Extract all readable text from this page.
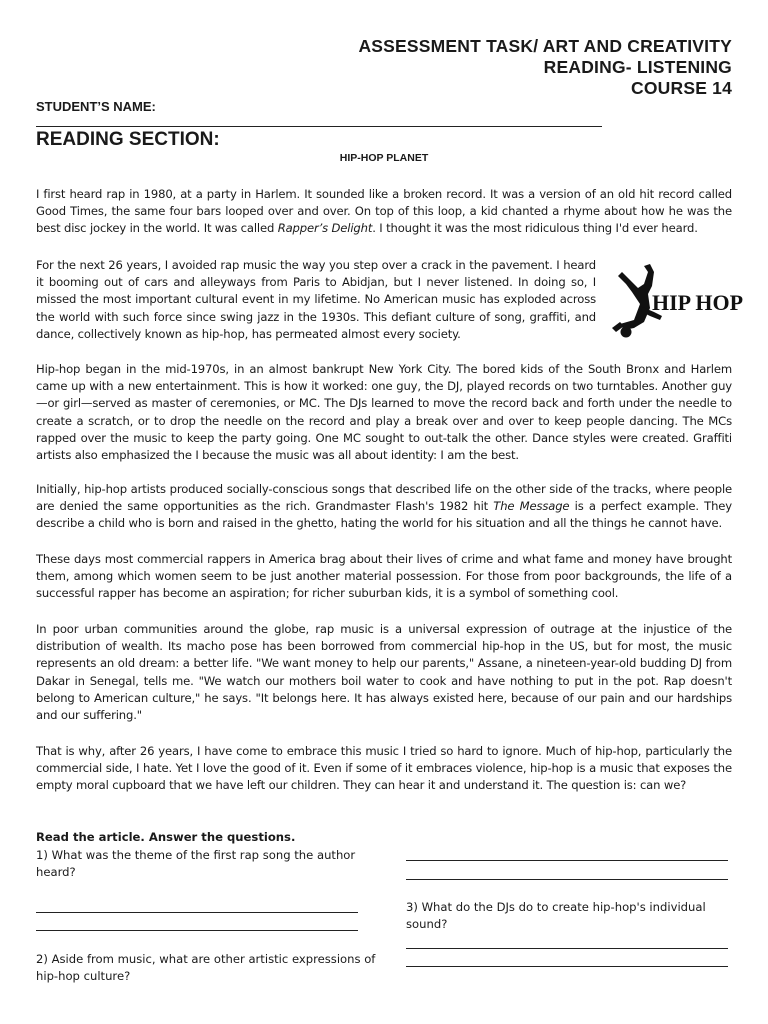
ASSESSMENT TASK/ ART AND CREATIVITY
READING- LISTENING
COURSE 14
STUDENT’S NAME:
READING SECTION:
HIP-HOP PLANET
I first heard rap in 1980, at a party in Harlem. It sounded like a broken record. It was a version of an old hit record called Good Times, the same four bars looped over and over. On top of this loop, a kid chanted a rhyme about how he was the best disc jockey in the world. It was called Rapper’s Delight. I thought it was the most ridiculous thing I'd ever heard.
For the next 26 years, I avoided rap music the way you step over a crack in the pavement. I heard it booming out of cars and alleyways from Paris to Abidjan, but I never listened. In doing so, I missed the most important cultural event in my lifetime. No American music has exploded across the world with such force since swing jazz in the 1930s. This defiant culture of song, graffiti, and dance, collectively known as hip-hop, has permeated almost every society.
HIP HOP
Hip-hop began in the mid-1970s, in an almost bankrupt New York City. The bored kids of the South Bronx and Harlem came up with a new entertainment. This is how it worked: one guy, the DJ, played records on two turntables. Another guy—or girl—served as master of ceremonies, or MC. The DJs learned to move the record back and forth under the needle to create a scratch, or to drop the needle on the record and play a break over and over to keep people dancing. The MCs rapped over the music to keep the party going. One MC sought to out-talk the other. Dance styles were created. Graffiti artists also emphasized the I because the music was all about identity: I am the best.
Initially, hip-hop artists produced socially-conscious songs that described life on the other side of the tracks, where people are denied the same opportunities as the rich. Grandmaster Flash's 1982 hit The Message is a perfect example. They describe a child who is born and raised in the ghetto, hating the world for his situation and all the things he cannot have.
These days most commercial rappers in America brag about their lives of crime and what fame and money have brought them, among which women seem to be just another material possession. For those from poor backgrounds, the life of a successful rapper has become an aspiration; for richer suburban kids, it is a symbol of something cool.
In poor urban communities around the globe, rap music is a universal expression of outrage at the injustice of the distribution of wealth. Its macho pose has been borrowed from commercial hip-hop in the US, but for most, the music represents an old dream: a better life. "We want money to help our parents," Assane, a nineteen-year-old budding DJ from Dakar in Senegal, tells me. "We watch our mothers boil water to cook and have nothing to put in the pot. Rap doesn't belong to American culture," he says. "It belongs here. It has always existed here, because of our pain and our hardships and our suffering."
That is why, after 26 years, I have come to embrace this music I tried so hard to ignore. Much of hip-hop, particularly the commercial side, I hate. Yet I love the good of it. Even if some of it embraces violence, hip-hop is a music that exposes the empty moral cupboard that we have left our children. They can hear it and understand it. The question is: can we?
Read the article. Answer the questions.
1) What was the theme of the first rap song the author heard?
2) Aside from music, what are other artistic expressions of hip-hop culture?
3) What do the DJs do to create hip-hop's individual sound?
